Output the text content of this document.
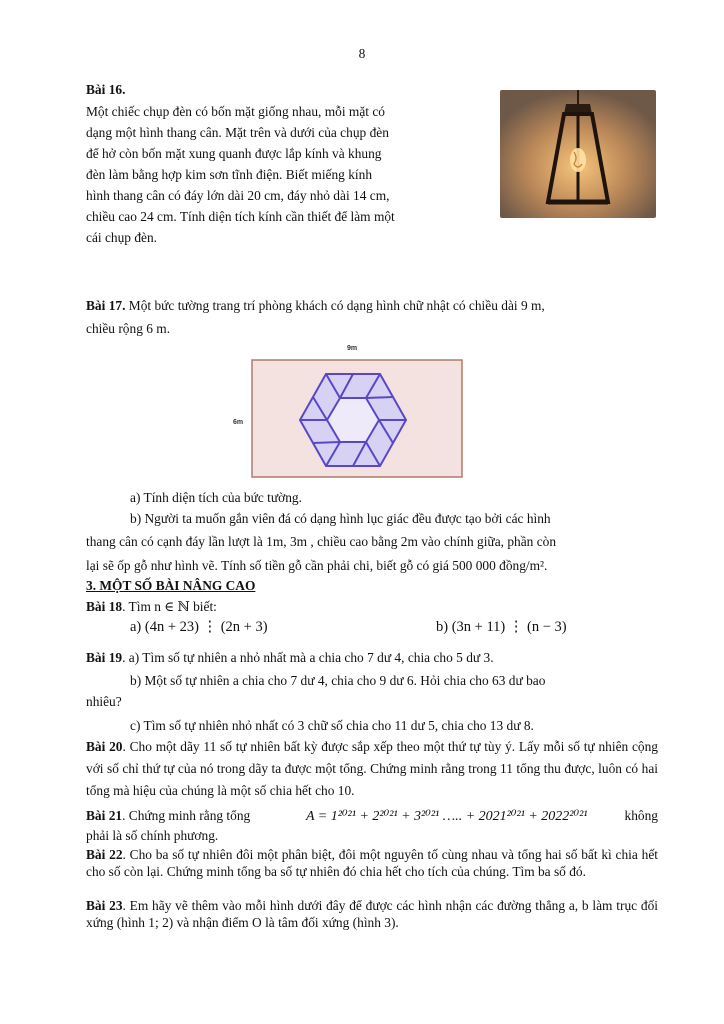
8

Bài 16.

Một chiếc chụp đèn có bốn mặt giống nhau, mỗi mặt có

dạng một hình thang cân. Mặt trên và dưới của chụp đèn

để hở còn bốn mặt xung quanh được lắp kính và khung

đèn làm bằng hợp kim sơn tĩnh điện. Biết miếng kính

hình thang cân có đáy lớn dài 20 cm, đáy nhỏ dài 14 cm,

chiều cao 24 cm. Tính diện tích kính cần thiết để làm một

cái chụp đèn.

Bài 17. Một bức tường trang trí phòng khách có dạng hình chữ nhật có chiều dài 9 m,

chiều rộng 6 m.

9m
6m

a) Tính diện tích của bức tường.

b) Người ta muốn gắn viên đá có dạng hình lục giác đều được tạo bởi các hình

thang cân có cạnh đáy lần lượt là 1m, 3m , chiều cao bằng 2m vào chính giữa, phần còn

lại sẽ ốp gỗ như hình vẽ. Tính số tiền gỗ cần phải chi, biết gỗ có giá 500 000 đồng/m².

3. MỘT SỐ BÀI NÂNG CAO

Bài 18. Tìm n ∈ ℕ biết:

a) (4n + 23) ⋮ (2n + 3)	b) (3n + 11) ⋮ (n − 3)

Bài 19. a) Tìm số tự nhiên a nhỏ nhất mà a chia cho 7 dư 4, chia cho 5 dư 3.

b) Một số tự nhiên a chia cho 7 dư 4, chia cho 9 dư 6. Hỏi chia cho 63 dư bao

nhiêu?

c) Tìm số tự nhiên nhỏ nhất có 3 chữ số chia cho 11 dư 5, chia cho 13 dư 8.

Bài 20. Cho một dãy 11 số tự nhiên bất kỳ được sắp xếp theo một thứ tự tùy ý. Lấy mỗi số tự nhiên cộng với số chỉ thứ tự của nó trong dãy ta được một tổng. Chứng minh rằng trong 11 tổng thu được, luôn có hai tổng mà hiệu của chúng là một số chia hết cho 10.

Bài 21. Chứng minh rằng tổng	A = 1²⁰²¹ + 2²⁰²¹ + 3²⁰²¹ ….. + 2021²⁰²¹ + 2022²⁰²¹	không

phải là số chính phương.

Bài 22. Cho ba số tự nhiên đôi một phân biệt, đôi một nguyên tố cùng nhau và tổng hai số bất kì chia hết cho số còn lại. Chứng minh tổng ba số tự nhiên đó chia hết cho tích của chúng. Tìm ba số đó.

Bài 23. Em hãy vẽ thêm vào mỗi hình dưới đây để được các hình nhận các đường thẳng a, b làm trục đối xứng (hình 1; 2) và nhận điểm O là tâm đối xứng (hình 3).
